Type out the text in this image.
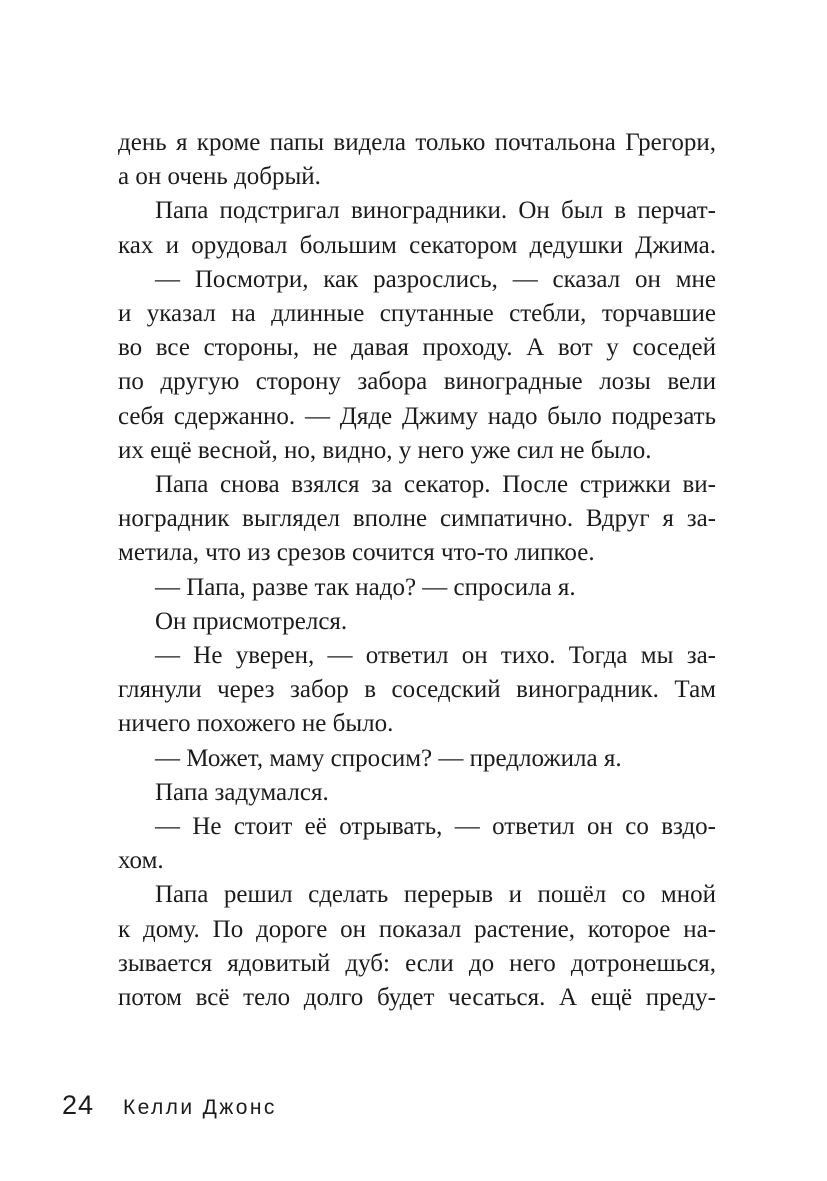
день я кроме папы видела только почтальона Грегори,
а он очень добрый.
Папа подстригал виноградники. Он был в перчат-
ках и орудовал большим секатором дедушки Джима.
— Посмотри, как разрослись, — сказал он мне
и указал на длинные спутанные стебли, торчавшие
во все стороны, не давая проходу. А вот у соседей
по другую сторону забора виноградные лозы вели
себя сдержанно. — Дяде Джиму надо было подрезать
их ещё весной, но, видно, у него уже сил не было.
Папа снова взялся за секатор. После стрижки ви-
ноградник выглядел вполне симпатично. Вдруг я за-
метила, что из срезов сочится что-то липкое.
— Папа, разве так надо? — спросила я.
Он присмотрелся.
— Не уверен, — ответил он тихо. Тогда мы за-
глянули через забор в соседский виноградник. Там
ничего похожего не было.
— Может, маму спросим? — предложила я.
Папа задумался.
— Не стоит её отрывать, — ответил он со вздо-
хом.
Папа решил сделать перерыв и пошёл со мной
к дому. По дороге он показал растение, которое на-
зывается ядовитый дуб: если до него дотронешься,
потом всё тело долго будет чесаться. А ещё преду-
24 Келли Джонс
